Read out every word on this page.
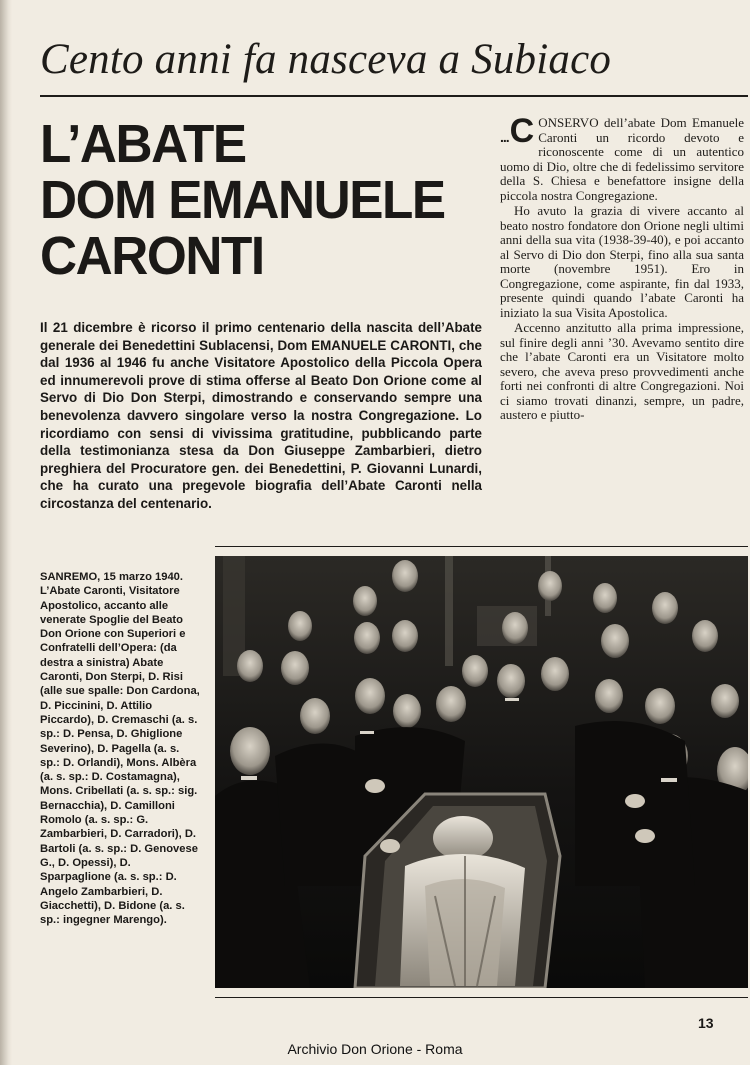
Cento anni fa nasceva a Subiaco
L’ABATE
DOM EMANUELE
CARONTI
Il 21 dicembre è ricorso il primo centenario della nascita dell’Abate generale dei Benedettini Sublacensi, Dom EMANUELE CARONTI, che dal 1936 al 1946 fu anche Visitatore Apostolico della Piccola Opera ed innumerevoli prove di stima offerse al Beato Don Orione come al Servo di Dio Don Sterpi, dimostrando e conservando sempre una benevolenza davvero singolare verso la nostra Congregazione. Lo ricordiamo con sensi di vivissima gratitudine, pubblicando parte della testimonianza stesa da Don Giuseppe Zambarbieri, dietro preghiera del Procuratore gen. dei Benedettini, P. Giovanni Lunardi, che ha curato una pregevole biografia dell’Abate Caronti nella circostanza del centenario.

...C ONSERVO dell’abate Dom Emanuele Caronti un ricordo devoto e riconoscente come di un autentico uomo di Dio, oltre che di fedelissimo servitore della S. Chiesa e benefattore insigne della piccola nostra Congregazione.

Ho avuto la grazia di vivere accanto al beato nostro fondatore don Orione negli ultimi anni della sua vita (1938-39-40), e poi accanto al Servo di Dio don Sterpi, fino alla sua santa morte (novembre 1951). Ero in Congregazione, come aspirante, fin dal 1933, presente quindi quando l’abate Caronti ha iniziato la sua Visita Apostolica.

Accenno anzitutto alla prima impressione, sul finire degli anni ’30. Avevamo sentito dire che l’abate Caronti era un Visitatore molto severo, che aveva preso provvedimenti anche forti nei confronti di altre Congregazioni. Noi ci siamo trovati dinanzi, sempre, un padre, austero e piutto-

SANREMO, 15 marzo 1940. L’Abate Caronti, Visitatore Apostolico, accanto alle venerate Spoglie del Beato Don Orione con Superiori e Confratelli dell’Opera: (da destra a sinistra) Abate Caronti, Don Sterpi, D. Risi (alle sue spalle: Don Cardona, D. Piccinini, D. Attilio Piccardo), D. Cremaschi (a. s. sp.: D. Pensa, D. Ghiglione Severino), D. Pagella (a. s. sp.: D. Orlandi), Mons. Albèra (a. s. sp.: D. Costamagna), Mons. Cribellati (a. s. sp.: sig. Bernacchia), D. Camilloni Romolo (a. s. sp.: G. Zambarbieri, D. Carradori), D. Bartoli (a. s. sp.: D. Genovese G., D. Opessi), D. Sparpaglione (a. s. sp.: D. Angelo Zambarbieri, D. Giacchetti), D. Bidone (a. s. sp.: ingegner Marengo).
13
Archivio Don Orione - Roma
